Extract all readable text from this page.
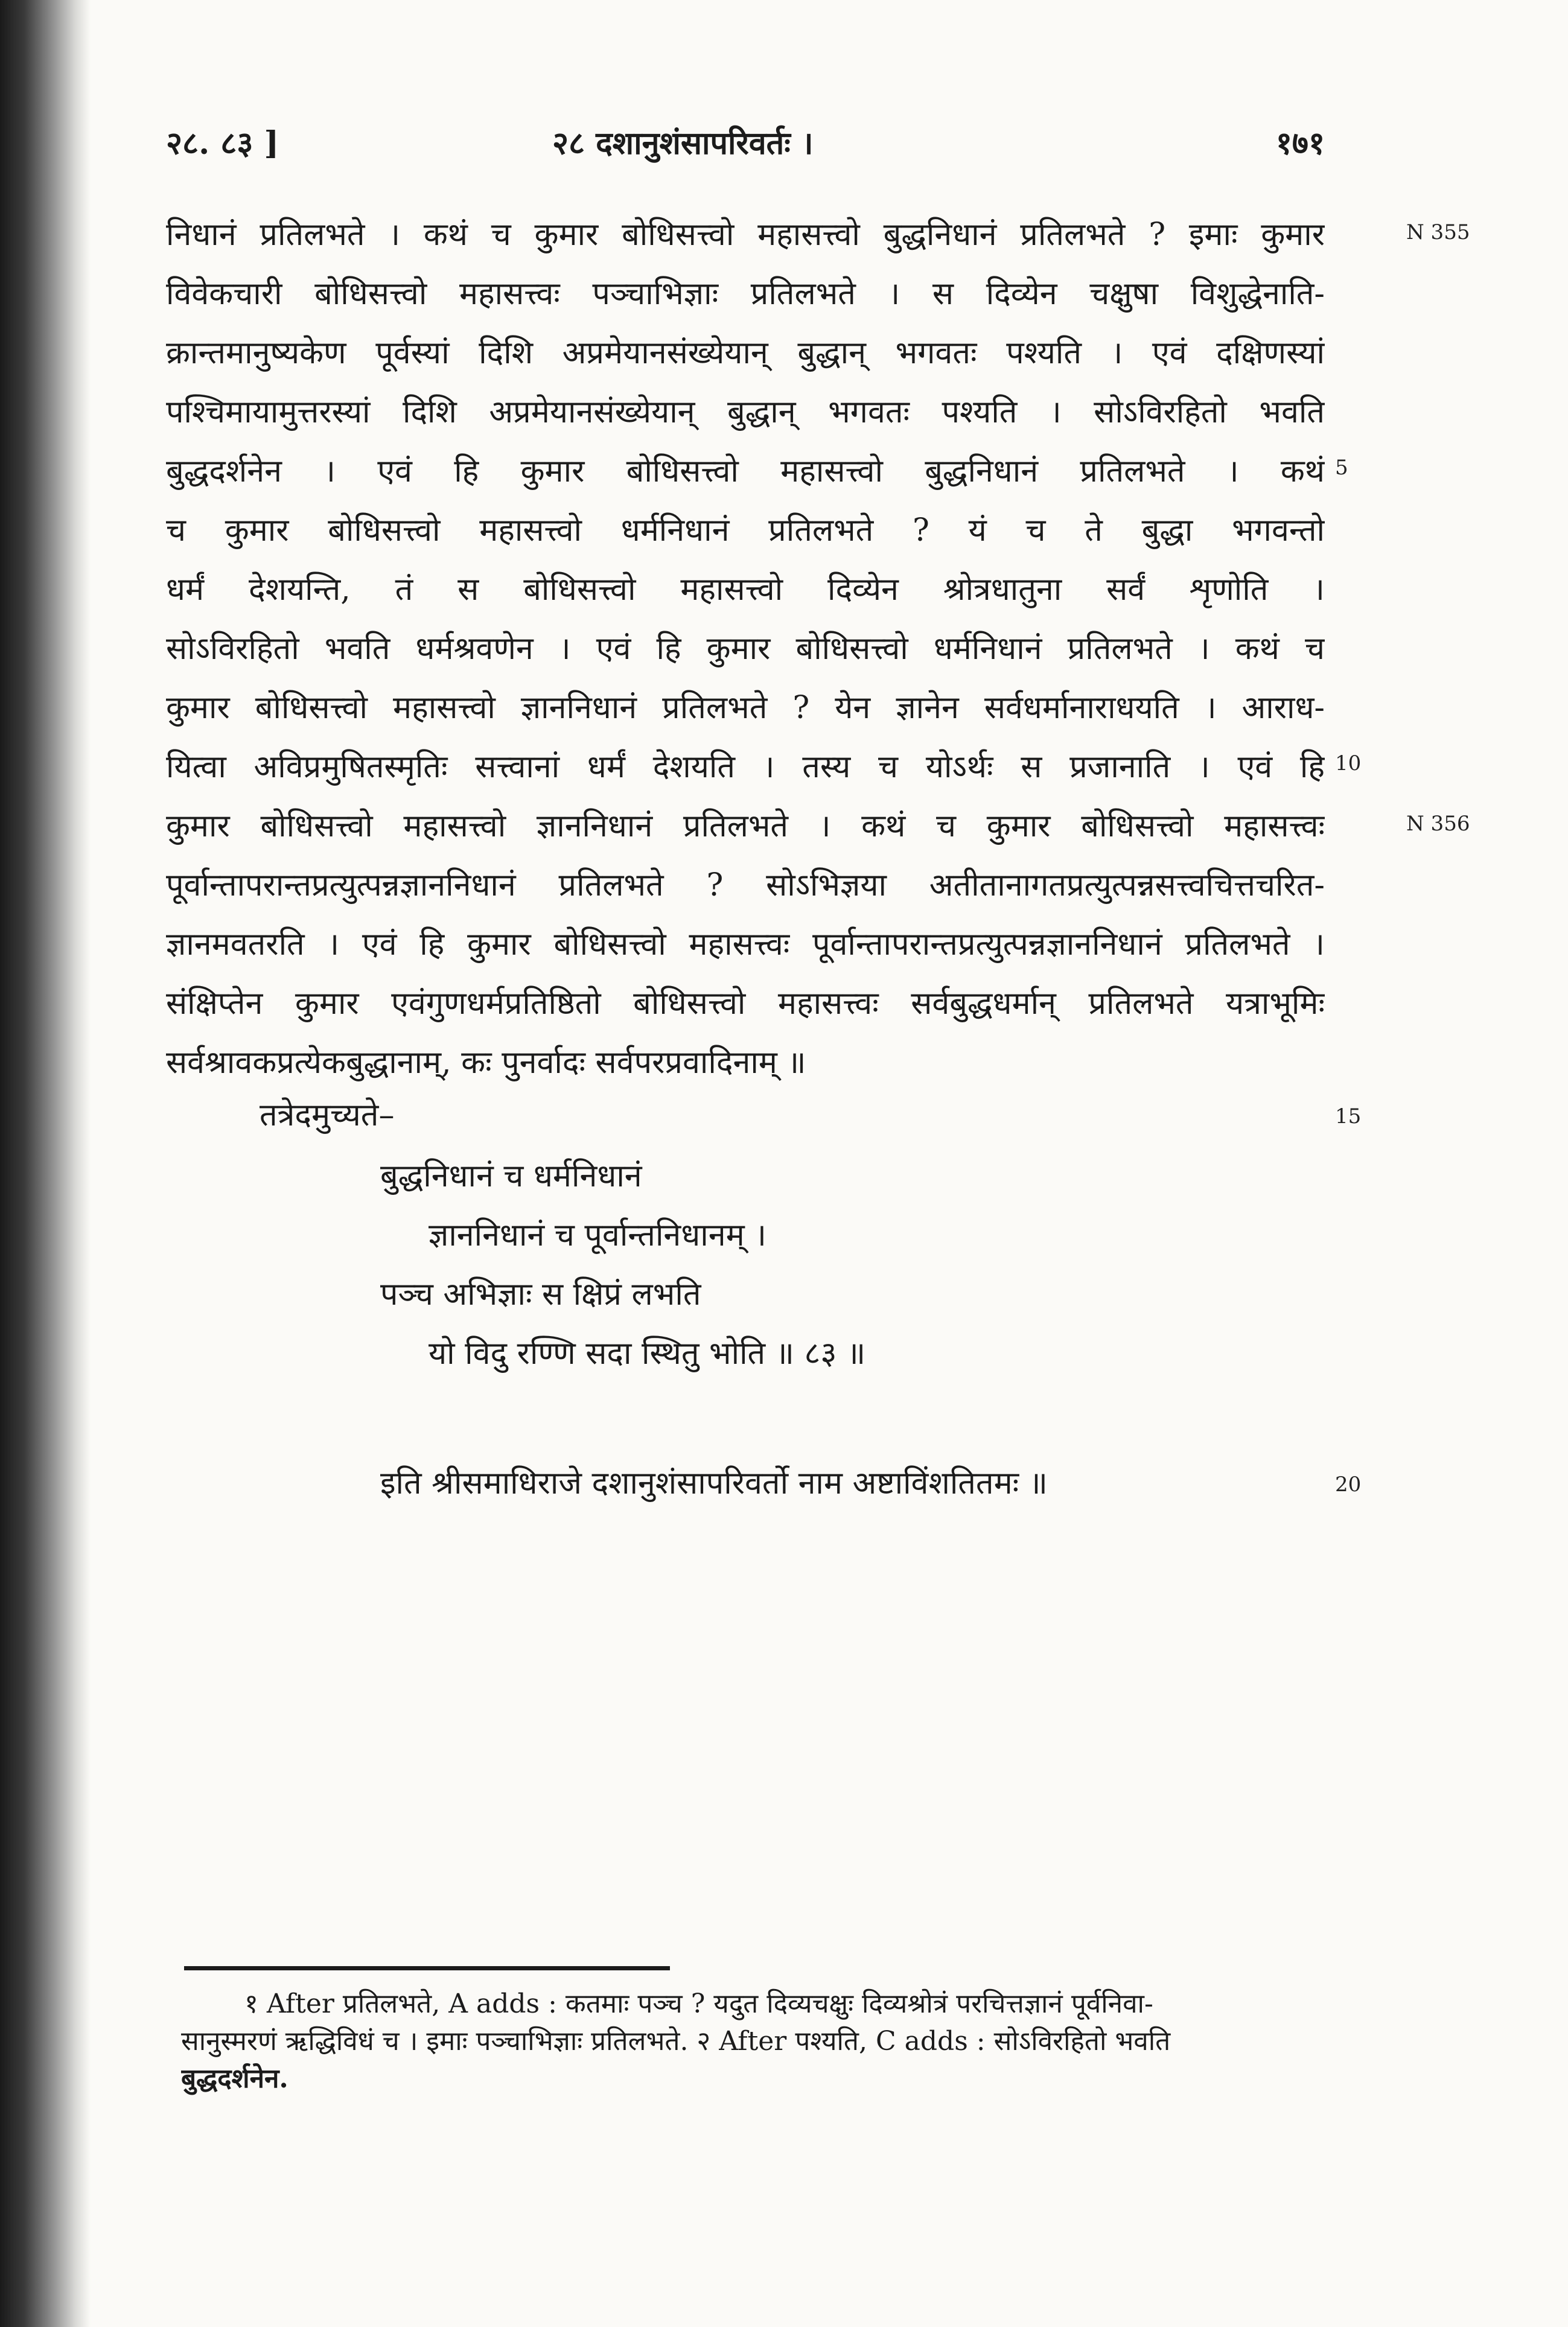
२८. ८३ ]	२८ दशानुशंसापरिवर्तः ।	१७१
निधानं प्रतिलभते । कथं च कुमार बोधिसत्त्वो महासत्त्वो बुद्धनिधानं प्रतिलभते ? इमाः कुमार
विवेकचारी बोधिसत्त्वो महासत्त्वः पञ्चाभिज्ञाः प्रतिलभते । स दिव्येन चक्षुषा विशुद्धेनाति-
क्रान्तमानुष्यकेण पूर्वस्यां दिशि अप्रमेयानसंख्येयान् बुद्धान् भगवतः पश्यति । एवं दक्षिणस्यां
पश्चिमायामुत्तरस्यां दिशि अप्रमेयानसंख्येयान् बुद्धान् भगवतः पश्यति । सोऽविरहितो भवति
बुद्धदर्शनेन । एवं हि कुमार बोधिसत्त्वो महासत्त्वो बुद्धनिधानं प्रतिलभते । कथं
च कुमार बोधिसत्त्वो महासत्त्वो धर्मनिधानं प्रतिलभते ? यं च ते बुद्धा भगवन्तो
धर्मं देशयन्ति, तं स बोधिसत्त्वो महासत्त्वो दिव्येन श्रोत्रधातुना सर्वं शृणोति ।
सोऽविरहितो भवति धर्मश्रवणेन । एवं हि कुमार बोधिसत्त्वो धर्मनिधानं प्रतिलभते । कथं च
कुमार बोधिसत्त्वो महासत्त्वो ज्ञाननिधानं प्रतिलभते ? येन ज्ञानेन सर्वधर्मानाराधयति । आराध-
यित्वा अविप्रमुषितस्मृतिः सत्त्वानां धर्मं देशयति । तस्य च योऽर्थः स प्रजानाति । एवं हि
कुमार बोधिसत्त्वो महासत्त्वो ज्ञाननिधानं प्रतिलभते । कथं च कुमार बोधिसत्त्वो महासत्त्वः
पूर्वान्तापरान्तप्रत्युत्पन्नज्ञाननिधानं प्रतिलभते ? सोऽभिज्ञया अतीतानागतप्रत्युत्पन्नसत्त्वचित्तचरित-
ज्ञानमवतरति । एवं हि कुमार बोधिसत्त्वो महासत्त्वः पूर्वान्तापरान्तप्रत्युत्पन्नज्ञाननिधानं प्रतिलभते ।
संक्षिप्तेन कुमार एवंगुणधर्मप्रतिष्ठितो बोधिसत्त्वो महासत्त्वः सर्वबुद्धधर्मान् प्रतिलभते यत्राभूमिः
सर्वश्रावकप्रत्येकबुद्धानाम्, कः पुनर्वादः सर्वपरप्रवादिनाम् ॥
N 355
5
10
N 356
15
20
तत्रेदमुच्यते–
बुद्धनिधानं च धर्मनिधानं
ज्ञाननिधानं च पूर्वान्तनिधानम् ।
पञ्च अभिज्ञाः स क्षिप्रं लभति
यो विदु रण्णि सदा स्थितु भोति ॥ ८३ ॥
इति श्रीसमाधिराजे दशानुशंसापरिवर्तो नाम अष्टाविंशतितमः ॥
१ After प्रतिलभते, A adds : कतमाः पञ्च ? यदुत दिव्यचक्षुः दिव्यश्रोत्रं परचित्तज्ञानं पूर्वनिवा-
सानुस्मरणं ऋद्धिविधं च । इमाः पञ्चाभिज्ञाः प्रतिलभते. २ After पश्यति, C adds : सोऽविरहितो भवति
बुद्धदर्शनेन.
